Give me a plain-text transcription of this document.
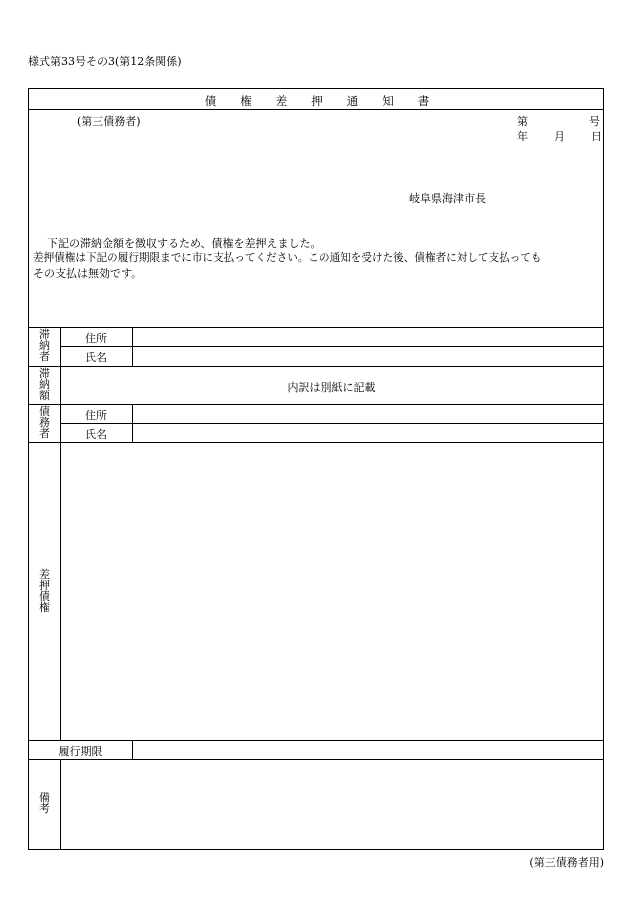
様式第33号その3(第12条関係)
債 権 差 押 通 知 書
(第三債務者)	第	号
年 月 日
岐阜県海津市長
下記の滞納金額を徴収するため、債権を差押えました。
差押債権は下記の履行期限までに市に支払ってください。この通知を受けた後、債権者に対して支払っても
その支払は無効です。
滞
納
者
住所
氏名
滞
納
額
内訳は別紙に記載
債
務
者
住所
氏名
差
押
債
権
履行期限
備
考
(第三債務者用)
